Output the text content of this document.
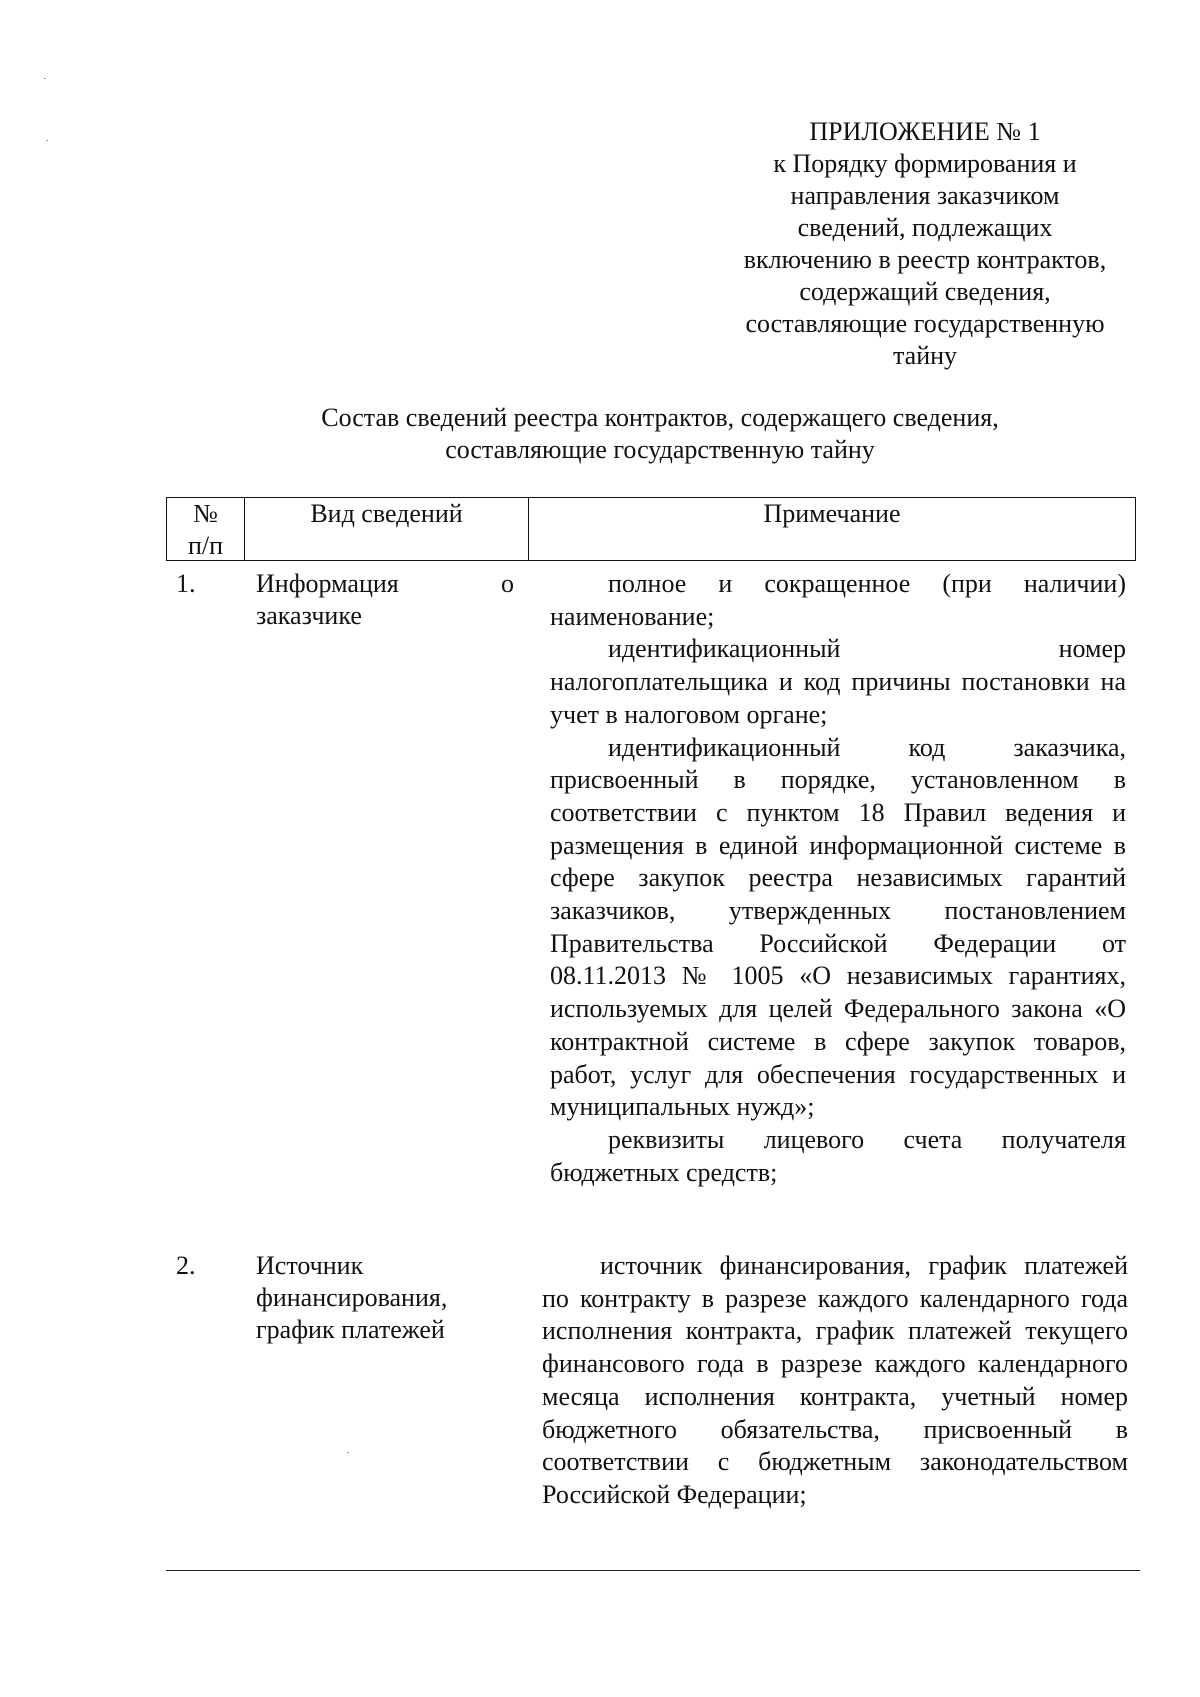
ПРИЛОЖЕНИЕ № 1
к Порядку формирования и
направления заказчиком
сведений, подлежащих
включению в реестр контрактов,
содержащий сведения,
составляющие государственную
тайну
Состав сведений реестра контрактов, содержащего сведения,
составляющие государственную тайну
№
п/п
Вид сведений	Примечание
1. Информация	о
заказчике

полное и сокращенное (при наличии) наименование;

идентификационный номер налогоплательщика и код причины постановки на учет в налоговом органе;

идентификационный код заказчика, присвоенный в порядке, установленном в соответствии с пунктом 18 Правил ведения и размещения в единой информационной системе в сфере закупок реестра независимых гарантий заказчиков, утвержденных постановлением Правительства Российской Федерации от 08.11.2013 № 1005 «О независимых гарантиях, используемых для целей Федерального закона «О контрактной системе в сфере закупок товаров, работ, услуг для обеспечения государственных и муниципальных нужд»;

реквизиты лицевого счета получателя бюджетных средств;

2. Источник
финансирования,
график платежей

источник финансирования, график платежей по контракту в разрезе каждого календарного года исполнения контракта, график платежей текущего финансового года в разрезе каждого календарного месяца исполнения контракта, учетный номер бюджетного обязательства, присвоенный в соответствии с бюджетным законодательством Российской Федерации;
